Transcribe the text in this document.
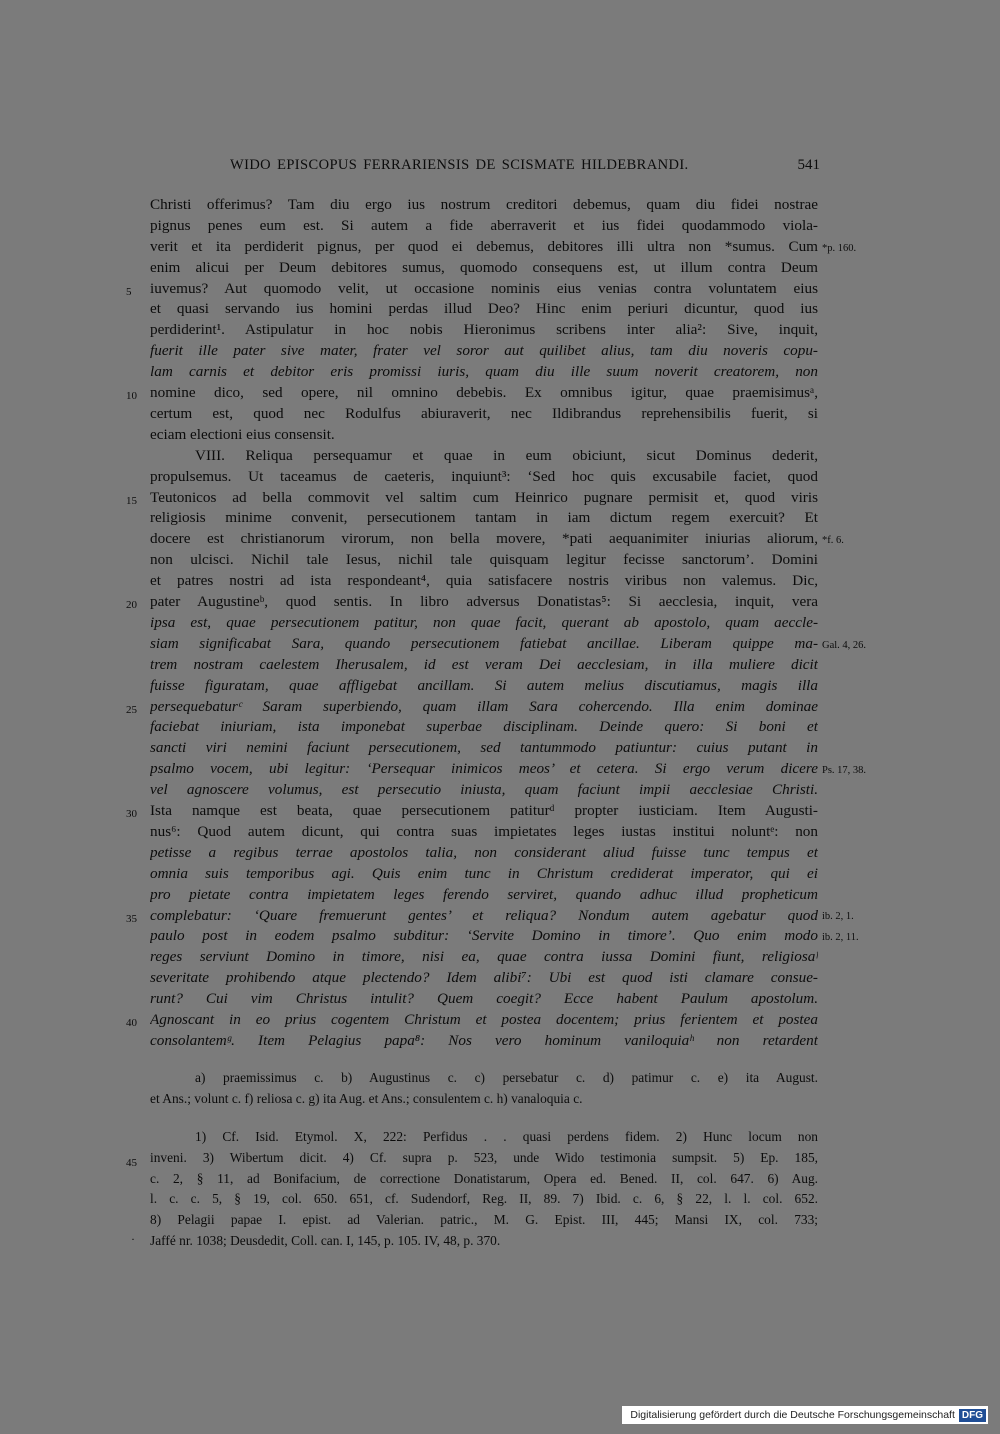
WIDO EPISCOPUS FERRARIENSIS DE SCISMATE HILDEBRANDI.	541
Christi offerimus? Tam diu ergo ius nostrum creditori debemus, quam diu fidei nostrae
pignus penes eum est. Si autem a fide aberraverit et ius fidei quodammodo viola-
verit et ita perdiderit pignus, per quod ei debemus, debitores illi ultra non *sumus. Cum
enim alicui per Deum debitores sumus, quomodo consequens est, ut illum contra Deum
iuvemus? Aut quomodo velit, ut occasione nominis eius venias contra voluntatem eius
et quasi servando ius homini perdas illud Deo? Hinc enim periuri dicuntur, quod ius
perdiderint¹. Astipulatur in hoc nobis Hieronimus scribens inter alia²: Sive, inquit,
fuerit ille pater sive mater, frater vel soror aut quilibet alius, tam diu noveris copu-
lam carnis et debitor eris promissi iuris, quam diu ille suum noverit creatorem, non
nomine dico, sed opere, nil omnino debebis. Ex omnibus igitur, quae praemisimusᵃ,
certum est, quod nec Rodulfus abiuraverit, nec Ildibrandus reprehensibilis fuerit, si
eciam electioni eius consensit.
VIII. Reliqua persequamur et quae in eum obiciunt, sicut Dominus dederit,
propulsemus. Ut taceamus de caeteris, inquiunt³: ‘Sed hoc quis excusabile faciet, quod
Teutonicos ad bella commovit vel saltim cum Heinrico pugnare permisit et, quod viris
religiosis minime convenit, persecutionem tantam in iam dictum regem exercuit? Et
docere est christianorum virorum, non bella movere, *pati aequanimiter iniurias aliorum,
non ulcisci. Nichil tale Iesus, nichil tale quisquam legitur fecisse sanctorum’. Domini
et patres nostri ad ista respondeant⁴, quia satisfacere nostris viribus non valemus. Dic,
pater Augustineᵇ, quod sentis. In libro adversus Donatistas⁵: Si aecclesia, inquit, vera
ipsa est, quae persecutionem patitur, non quae facit, querant ab apostolo, quam aeccle-
siam significabat Sara, quando persecutionem fatiebat ancillae. Liberam quippe ma-
trem nostram caelestem Iherusalem, id est veram Dei aecclesiam, in illa muliere dicit
fuisse figuratam, quae affligebat ancillam. Si autem melius discutiamus, magis illa
persequebaturᶜ Saram superbiendo, quam illam Sara cohercendo. Illa enim dominae
faciebat iniuriam, ista imponebat superbae disciplinam. Deinde quero: Si boni et
sancti viri nemini faciunt persecutionem, sed tantummodo patiuntur: cuius putant in
psalmo vocem, ubi legitur: ‘Persequar inimicos meos’ et cetera. Si ergo verum dicere
vel agnoscere volumus, est persecutio iniusta, quam faciunt impii aecclesiae Christi.
Ista namque est beata, quae persecutionem patiturᵈ propter iusticiam. Item Augusti-
nus⁶: Quod autem dicunt, qui contra suas impietates leges iustas institui noluntᵉ: non
petisse a regibus terrae apostolos talia, non considerant aliud fuisse tunc tempus et
omnia suis temporibus agi. Quis enim tunc in Christum crediderat imperator, qui ei
pro pietate contra impietatem leges ferendo serviret, quando adhuc illud propheticum
complebatur: ‘Quare fremuerunt gentes’ et reliqua? Nondum autem agebatur quod
paulo post in eodem psalmo subditur: ‘Servite Domino in timore’. Quo enim modo
reges serviunt Domino in timore, nisi ea, quae contra iussa Domini fiunt, religiosaᶠ
severitate prohibendo atque plectendo? Idem alibi⁷: Ubi est quod isti clamare consue-
runt? Cui vim Christus intulit? Quem coegit? Ecce habent Paulum apostolum.
Agnoscant in eo prius cogentem Christum et postea docentem; prius ferientem et postea
consolantemᵍ. Item Pelagius papa⁸: Nos vero hominum vaniloquiaʰ non retardent
5
10
15
20
25
30
35
40
45
*p. 160.
*f. 6.
Gal. 4, 26.
Ps. 17, 38.
ib. 2, 1.
ib. 2, 11.
a) praemissimus c. b) Augustinus c. c) persebatur c. d) patimur c. e) ita August.
et Ans.; volunt c. f) reliosa c. g) ita Aug. et Ans.; consulentem c. h) vanaloquia c.
1) Cf. Isid. Etymol. X, 222: Perfidus . . quasi perdens fidem. 2) Hunc locum non
inveni. 3) Wibertum dicit. 4) Cf. supra p. 523, unde Wido testimonia sumpsit. 5) Ep. 185,
c. 2, § 11, ad Bonifacium, de correctione Donatistarum, Opera ed. Bened. II, col. 647. 6) Aug.
l. c. c. 5, § 19, col. 650. 651, cf. Sudendorf, Reg. II, 89. 7) Ibid. c. 6, § 22, l. l. col. 652.
8) Pelagii papae I. epist. ad Valerian. patric., M. G. Epist. III, 445; Mansi IX, col. 733;
Jaffé nr. 1038; Deusdedit, Coll. can. I, 145, p. 105. IV, 48, p. 370.
·
Digitalisierung gefördert durch die Deutsche Forschungsgemeinschaft DFG
